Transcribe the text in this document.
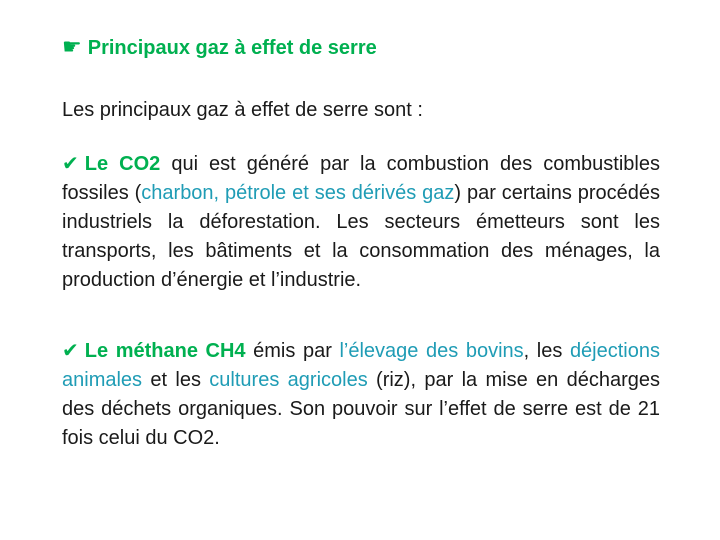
☛ Principaux gaz à effet de serre
Les principaux gaz à effet de serre sont :
✔ Le CO2 qui est généré par la combustion des combustibles fossiles (charbon, pétrole et ses dérivés gaz) par certains procédés industriels la déforestation. Les secteurs émetteurs sont les transports, les bâtiments et la consommation des ménages, la production d’énergie et l’industrie.
✔ Le méthane CH4 émis par l’élevage des bovins, les déjections animales et les cultures agricoles (riz), par la mise en décharges des déchets organiques. Son pouvoir sur l’effet de serre est de 21 fois celui du CO2.
